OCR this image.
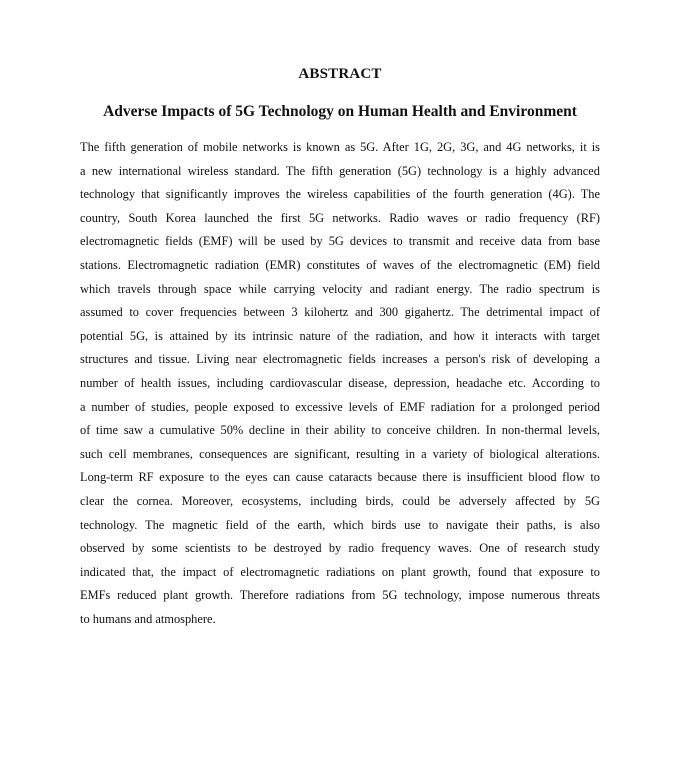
ABSTRACT
Adverse Impacts of 5G Technology on Human Health and Environment
The fifth generation of mobile networks is known as 5G. After 1G, 2G, 3G, and 4G networks, it is
a new international wireless standard. The fifth generation (5G) technology is a highly advanced
technology that significantly improves the wireless capabilities of the fourth generation (4G). The
country, South Korea launched the first 5G networks. Radio waves or radio frequency (RF)
electromagnetic fields (EMF) will be used by 5G devices to transmit and receive data from base
stations. Electromagnetic radiation (EMR) constitutes of waves of the electromagnetic (EM) field
which travels through space while carrying velocity and radiant energy. The radio spectrum is
assumed to cover frequencies between 3 kilohertz and 300 gigahertz. The detrimental impact of
potential 5G, is attained by its intrinsic nature of the radiation, and how it interacts with target
structures and tissue. Living near electromagnetic fields increases a person's risk of developing a
number of health issues, including cardiovascular disease, depression, headache etc. According to
a number of studies, people exposed to excessive levels of EMF radiation for a prolonged period
of time saw a cumulative 50% decline in their ability to conceive children. In non-thermal levels,
such cell membranes, consequences are significant, resulting in a variety of biological alterations.
Long-term RF exposure to the eyes can cause cataracts because there is insufficient blood flow to
clear the cornea. Moreover, ecosystems, including birds, could be adversely affected by 5G
technology. The magnetic field of the earth, which birds use to navigate their paths, is also
observed by some scientists to be destroyed by radio frequency waves. One of research study
indicated that, the impact of electromagnetic radiations on plant growth, found that exposure to
EMFs reduced plant growth. Therefore radiations from 5G technology, impose numerous threats
to humans and atmosphere.
